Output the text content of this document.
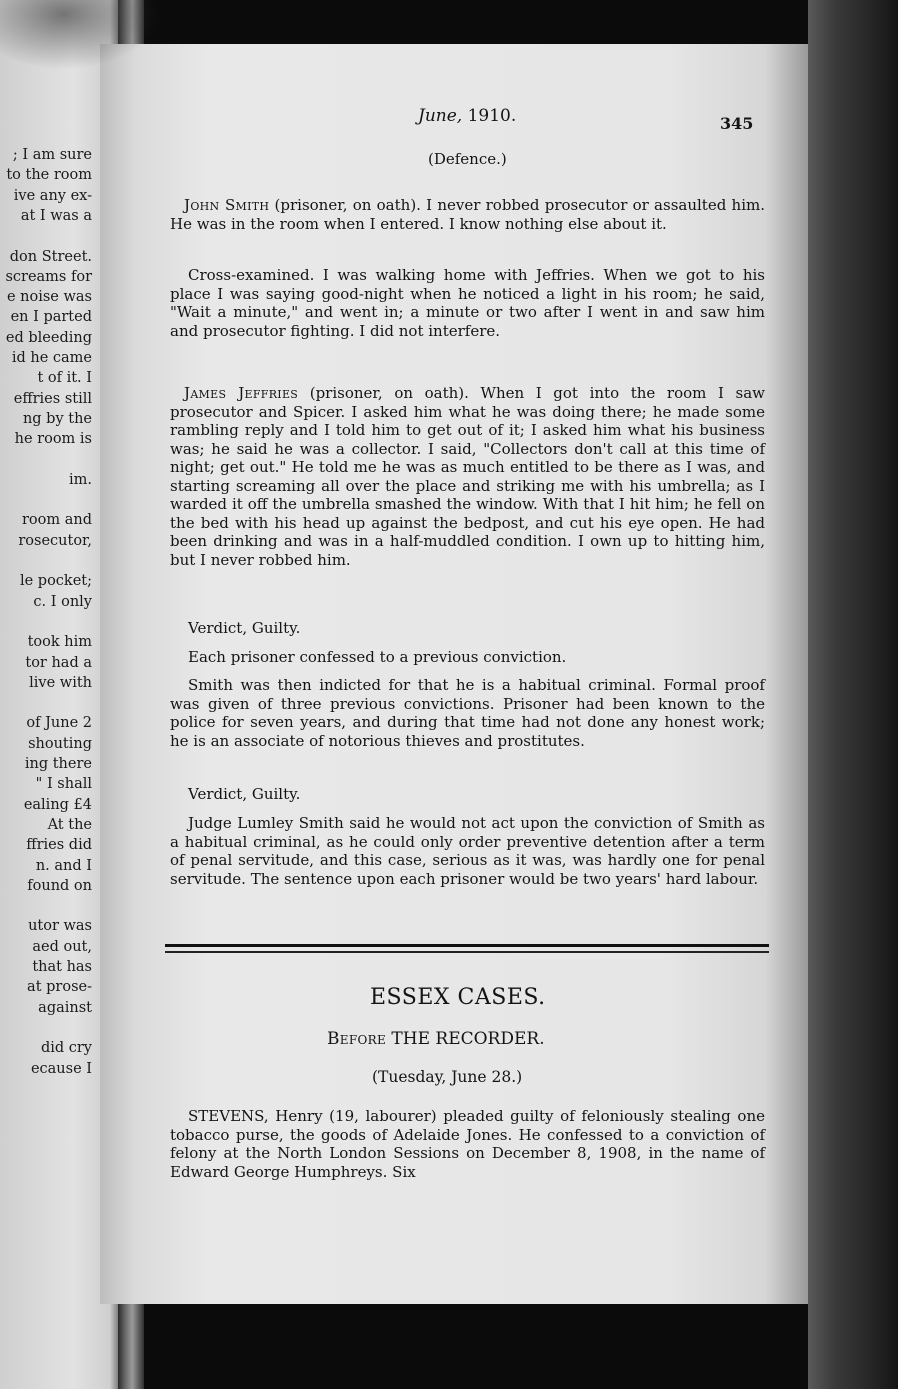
; I am sure
to the room
ive any ex-
at I was a
don Street.
screams for
e noise was
en I parted
ed bleeding
id he came
t of it. I
effries still
ng by the
he room is
im.
room and
rosecutor,
le pocket;
c. I only
took him
tor had a
live with
of June 2
shouting
ing there
" I shall
ealing £4
At the
ffries did
n. and I
found on
utor was
aed out,
that has
at prose-
against
did cry
ecause I
June, 1910.	345
(Defence.)
John Smith (prisoner, on oath). I never robbed prosecutor or assaulted him. He was in the room when I entered. I know nothing else about it.
Cross-examined. I was walking home with Jeffries. When we got to his place I was saying good-night when he noticed a light in his room; he said, "Wait a minute," and went in; a minute or two after I went in and saw him and prosecutor fighting. I did not interfere.
James Jeffries (prisoner, on oath). When I got into the room I saw prosecutor and Spicer. I asked him what he was doing there; he made some rambling reply and I told him to get out of it; I asked him what his business was; he said he was a collector. I said, "Collectors don't call at this time of night; get out." He told me he was as much entitled to be there as I was, and starting screaming all over the place and striking me with his umbrella; as I warded it off the umbrella smashed the window. With that I hit him; he fell on the bed with his head up against the bedpost, and cut his eye open. He had been drinking and was in a half-muddled condition. I own up to hitting him, but I never robbed him.
Verdict, Guilty.
Each prisoner confessed to a previous conviction.
Smith was then indicted for that he is a habitual criminal. Formal proof was given of three previous convictions. Prisoner had been known to the police for seven years, and during that time had not done any honest work; he is an associate of notorious thieves and prostitutes.
Verdict, Guilty.
Judge Lumley Smith said he would not act upon the conviction of Smith as a habitual criminal, as he could only order preventive detention after a term of penal servitude, and this case, serious as it was, was hardly one for penal servitude. The sentence upon each prisoner would be two years' hard labour.
ESSEX CASES.
Before THE RECORDER.
(Tuesday, June 28.)
STEVENS, Henry (19, labourer) pleaded guilty of feloniously stealing one tobacco purse, the goods of Adelaide Jones. He confessed to a conviction of felony at the North London Sessions on December 8, 1908, in the name of Edward George Humphreys. Six
